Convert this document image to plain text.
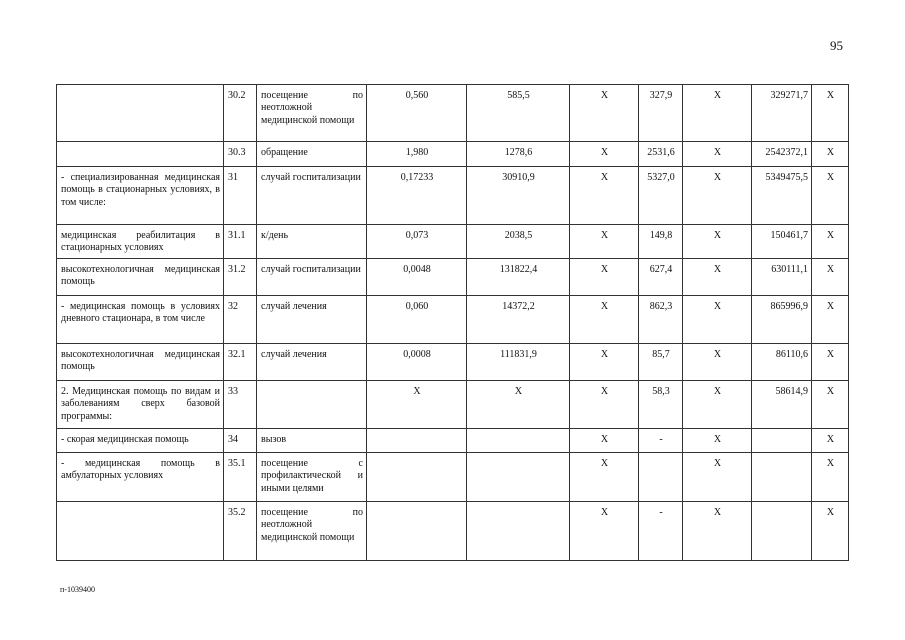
95
	30.2	посещение по неотложной медицинской помощи	0,560	585,5	Х	327,9	Х	329271,7	Х
	30.3	обращение	1,980	1278,6	Х	2531,6	Х	2542372,1	Х
- специализированная медицинская помощь в стационарных условиях, в том числе:	31	случай госпитализации	0,17233	30910,9	Х	5327,0	Х	5349475,5	Х
медицинская реабилитация в стационарных условиях	31.1	к/день	0,073	2038,5	Х	149,8	Х	150461,7	Х
высокотехнологичная медицинская помощь	31.2	случай госпитализации	0,0048	131822,4	Х	627,4	Х	630111,1	Х
- медицинская помощь в условиях дневного стационара, в том числе	32	случай лечения	0,060	14372,2	Х	862,3	Х	865996,9	Х
высокотехнологичная медицинская помощь	32.1	случай лечения	0,0008	111831,9	Х	85,7	Х	86110,6	Х
2. Медицинская помощь по видам и заболеваниям сверх базовой программы:	33		Х	Х	Х	58,3	Х	58614,9	Х
- скорая медицинская помощь	34	вызов			Х	-	Х		Х
- медицинская помощь в амбулаторных условиях	35.1	посещение с профилактической и иными целями			Х		Х		Х
	35.2	посещение по неотложной медицинской помощи			Х	-	Х		Х
п-1039400
